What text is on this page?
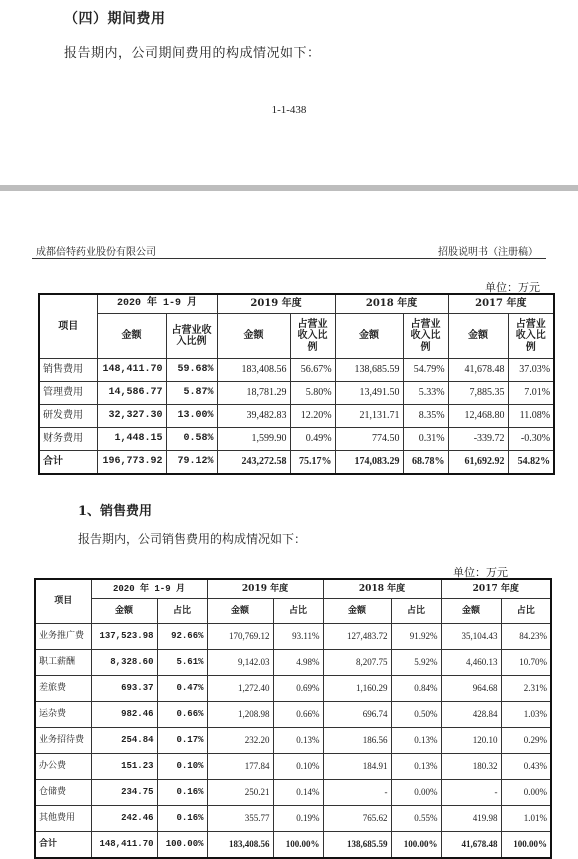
（四）期间费用
报告期内，公司期间费用的构成情况如下：
1-1-438
成都倍特药业股份有限公司	招股说明书（注册稿）
单位：万元
项目	2020 年 1-9 月		2019 年度		2018 年度		2017 年度	
	金额	占营业收入比例	金额	占营业收入比例	金额	占营业收入比例	金额	占营业收入比例
销售费用	148,411.70	59.68%	183,408.56	56.67%	138,685.59	54.79%	41,678.48	37.03%
管理费用	14,586.77	5.87%	18,781.29	5.80%	13,491.50	5.33%	7,885.35	7.01%
研发费用	32,327.30	13.00%	39,482.83	12.20%	21,131.71	8.35%	12,468.80	11.08%
财务费用	1,448.15	0.58%	1,599.90	0.49%	774.50	0.31%	-339.72	-0.30%
合计	196,773.92	79.12%	243,272.58	75.17%	174,083.29	68.78%	61,692.92	54.82%
1、销售费用
报告期内，公司销售费用的构成情况如下：
单位：万元
项目	2020 年 1-9 月		2019 年度		2018 年度		2017 年度	
	金额	占比	金额	占比	金额	占比	金额	占比
业务推广费	137,523.98	92.66%	170,769.12	93.11%	127,483.72	91.92%	35,104.43	84.23%
职工薪酬	8,328.60	5.61%	9,142.03	4.98%	8,207.75	5.92%	4,460.13	10.70%
差旅费	693.37	0.47%	1,272.40	0.69%	1,160.29	0.84%	964.68	2.31%
运杂费	982.46	0.66%	1,208.98	0.66%	696.74	0.50%	428.84	1.03%
业务招待费	254.84	0.17%	232.20	0.13%	186.56	0.13%	120.10	0.29%
办公费	151.23	0.10%	177.84	0.10%	184.91	0.13%	180.32	0.43%
仓储费	234.75	0.16%	250.21	0.14%	-	0.00%	-	0.00%
其他费用	242.46	0.16%	355.77	0.19%	765.62	0.55%	419.98	1.01%
合计	148,411.70	100.00%	183,408.56	100.00%	138,685.59	100.00%	41,678.48	100.00%
